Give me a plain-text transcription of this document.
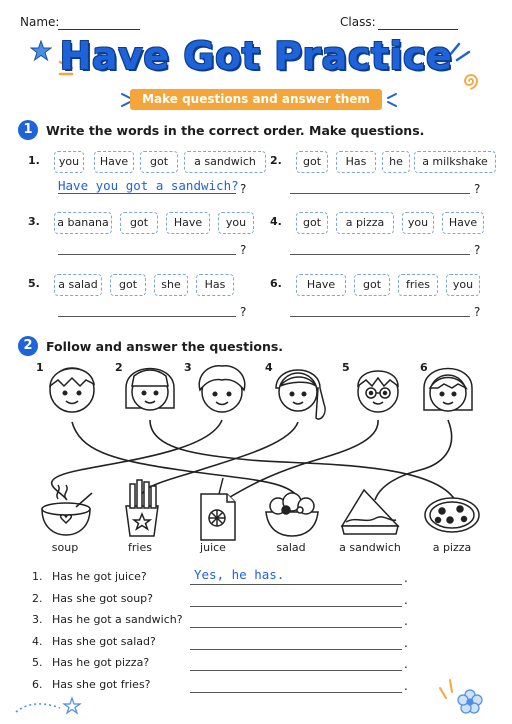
Name:	Class:
Have Got Practice
Make questions and answer them
1	Write the words in the correct order. Make questions.
1.	you	Have	got	a sandwich
Have you got a sandwich? ?
2.	got	Has	he	a milkshake
?
3. a banana	got	Have	you
?
4.	got	a pizza	you	Have
?
5.	a salad	got	she	Has
?
6.	Have	got	fries	you
?
2	Follow and answer the questions.
1	2	3	4	5	6
soup	fries	juice	salad	a sandwich	a pizza
1. Has he got juice?	Yes, he has.	.
2. Has she got soup?	.
3. Has he got a sandwich?	.
4. Has she got salad?	.
5. Has he got pizza?	.
6. Has she got fries?	.
